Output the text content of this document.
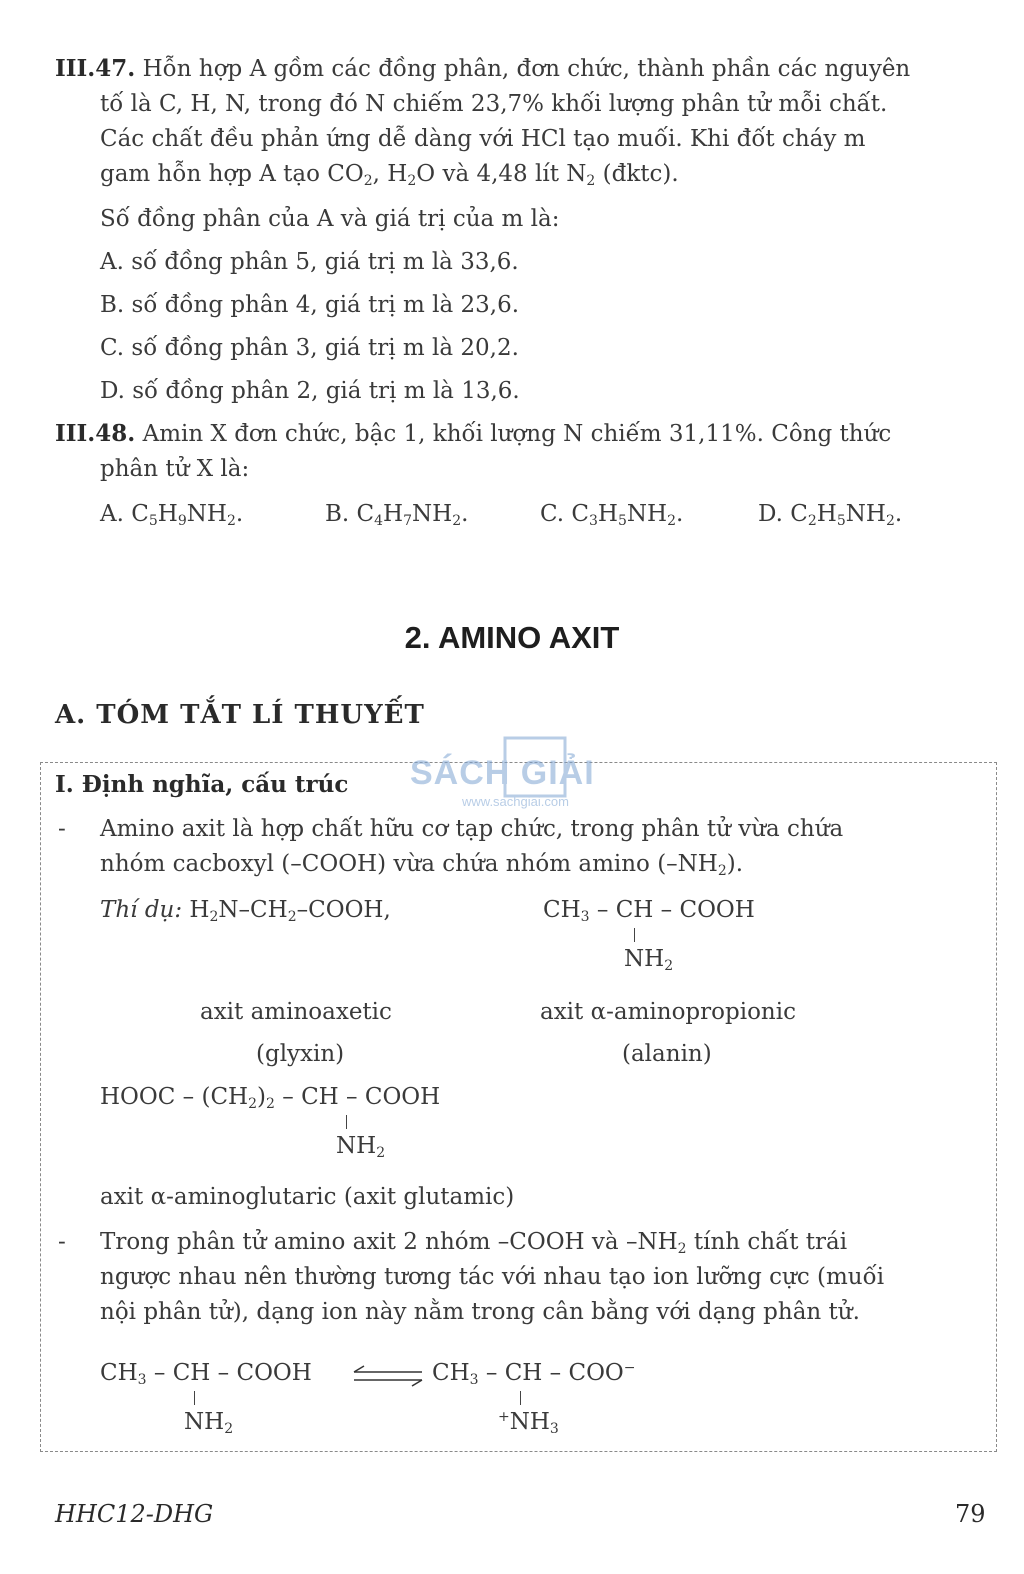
III.47. Hỗn hợp A gồm các đồng phân, đơn chức, thành phần các nguyên
tố là C, H, N, trong đó N chiếm 23,7% khối lượng phân tử mỗi chất.
Các chất đều phản ứng dễ dàng với HCl tạo muối. Khi đốt cháy m
gam hỗn hợp A tạo $CO_2$, $H_2O$ và 4,48 lít $N_2$ (đktc).
Số đồng phân của A và giá trị của m là:
A. số đồng phân 5, giá trị m là 33,6.
B. số đồng phân 4, giá trị m là 23,6.
C. số đồng phân 3, giá trị m là 20,2.
D. số đồng phân 2, giá trị m là 13,6.
III.48. Amin X đơn chức, bậc 1, khối lượng N chiếm 31,11%. Công thức
phân tử X là:
A. $C_5H_9NH_2$.	B. $C_4H_7NH_2$.	C. $C_3H_5NH_2$.	D. $C_2H_5NH_2$.
2. AMINO AXIT
A. TÓM TẮT LÍ THUYẾT
SÁCH GIẢI
www.sachgiai.com
I. Định nghĩa, cấu trúc
- Amino axit là hợp chất hữu cơ tạp chức, trong phân tử vừa chứa
nhóm cacboxyl (–COOH) vừa chứa nhóm amino $(-NH_2)$.
Thí dụ: $H_2N-CH_2$–COOH,	$CH_3$ – CH – COOH
$NH_2$
axit aminoaxetic
(glyxin)
axit α-aminopropionic
(alanin)
HOOC – $(CH_2)_2$ – CH – COOH
$NH_2$
axit α-aminoglutaric (axit glutamic)
- Trong phân tử amino axit 2 nhóm –COOH và $-NH_2$ tính chất trái
ngược nhau nên thường tương tác với nhau tạo ion lưỡng cực (muối
nội phân tử), dạng ion này nằm trong cân bằng với dạng phân tử.
$CH_3$ – CH – COOH
$NH_2$
$CH_3$ – CH – COO−
$^+NH_3$
HHC12-DHG	79
